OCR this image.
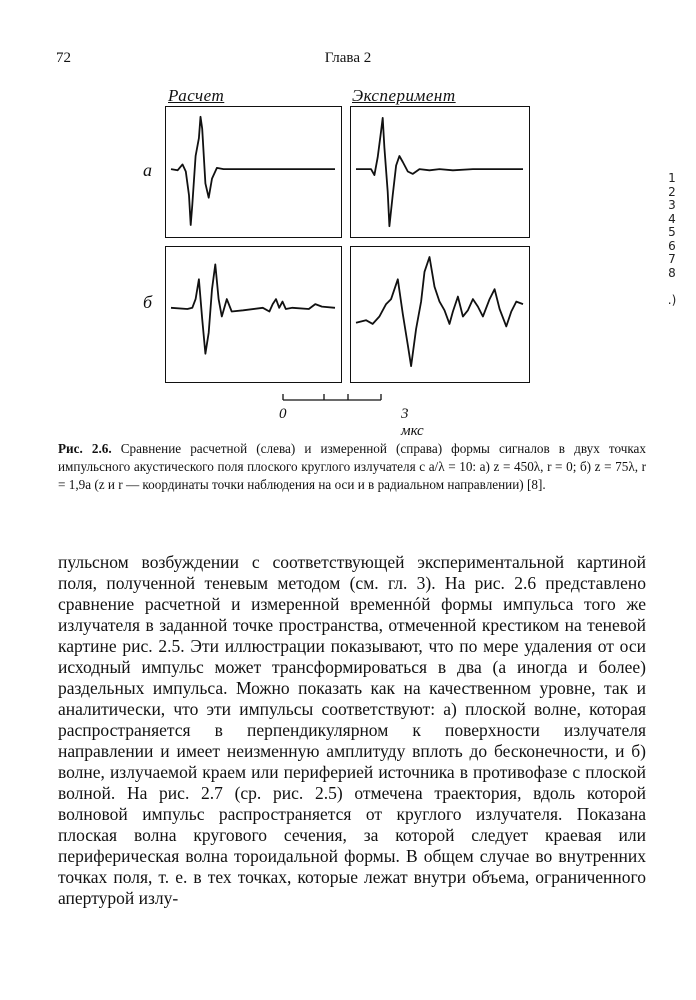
72	Глава 2
Расчет	Эксперимент
а
б
0	3 мкс
1
2
3
4
5
6
7
8
.)
Рис. 2.6. Сравнение расчетной (слева) и измеренной (справа) формы сигналов в двух точках импульсного акустического поля плоского круглого излучателя с a/λ = 10: а) z = 450λ, r = 0; б) z = 75λ, r = 1,9a (z и r — координаты точки наблюдения на оси и в радиальном направлении) [8].

пульсном возбуждении с соответствующей экспериментальной картиной поля, полученной теневым методом (см. гл. 3). На рис. 2.6 представлено сравнение расчетной и измеренной временнóй формы импульса того же излучателя в заданной точке пространства, отмеченной крестиком на теневой картине рис. 2.5. Эти иллюстрации показывают, что по мере удаления от оси исходный импульс может трансформироваться в два (а иногда и более) раздельных импульса. Можно показать как на качественном уровне, так и аналитически, что эти импульсы соответствуют: а) плоской волне, которая распространяется в перпендикулярном к поверхности излучателя направлении и имеет неизменную амплитуду вплоть до бесконечности, и б) волне, излучаемой краем или периферией источника в противофазе с плоской волной. На рис. 2.7 (ср. рис. 2.5) отмечена траектория, вдоль которой волновой импульс распространяется от круглого излучателя. Показана плоская волна кругового сечения, за которой следует краевая или периферическая волна тороидальной формы. В общем случае во внутренних точках поля, т. е. в тех точках, которые лежат внутри объема, ограниченного апертурой излу-
